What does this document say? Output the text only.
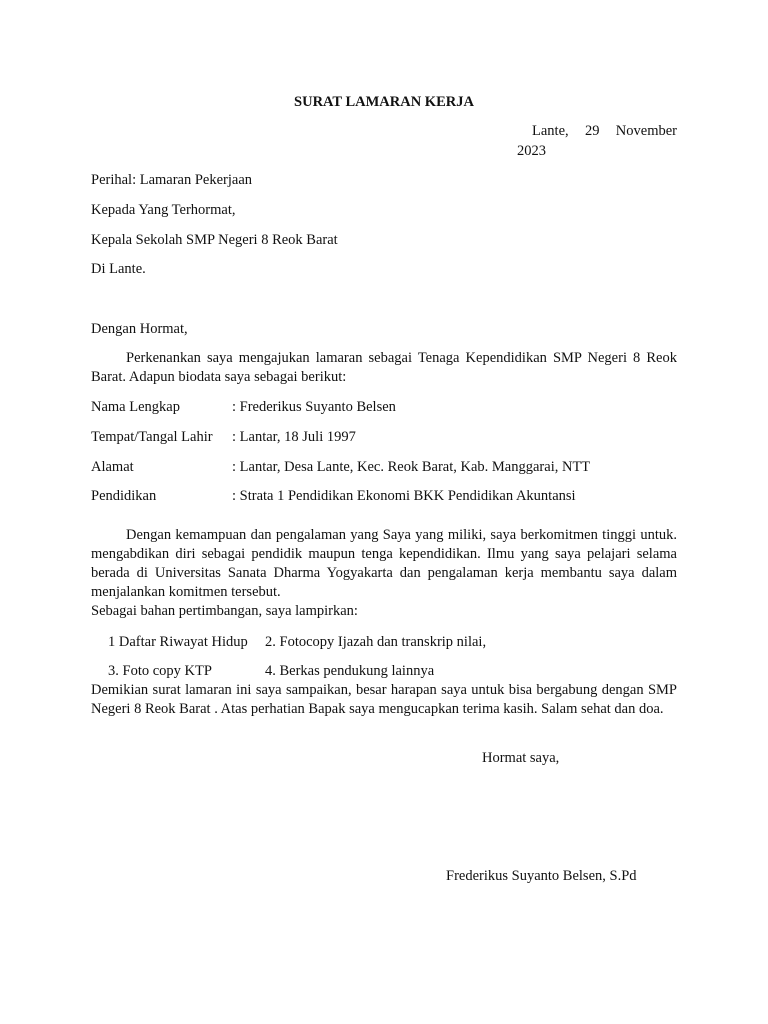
SURAT LAMARAN KERJA
Lante, 29 November
2023
Perihal: Lamaran Pekerjaan
Kepada Yang Terhormat,
Kepala Sekolah SMP Negeri 8 Reok Barat
Di Lante.
Dengan Hormat,
Perkenankan saya mengajukan lamaran sebagai Tenaga Kependidikan SMP Negeri 8 Reok Barat. Adapun biodata saya sebagai berikut:
Nama Lengkap	: Frederikus Suyanto Belsen
Tempat/Tangal Lahir : Lantar, 18 Juli 1997
Alamat	: Lantar, Desa Lante, Kec. Reok Barat, Kab. Manggarai, NTT
Pendidikan	: Strata 1 Pendidikan Ekonomi BKK Pendidikan Akuntansi
Dengan kemampuan dan pengalaman yang Saya yang miliki, saya berkomitmen tinggi untuk. mengabdikan diri sebagai pendidik maupun tenga kependidikan. Ilmu yang saya pelajari selama berada di Universitas Sanata Dharma Yogyakarta dan pengalaman kerja membantu saya dalam menjalankan komitmen tersebut.
Sebagai bahan pertimbangan, saya lampirkan:
1 Daftar Riwayat Hidup 2. Fotocopy Ijazah dan transkrip nilai,
3. Foto copy KTP	4. Berkas pendukung lainnya
Demikian surat lamaran ini saya sampaikan, besar harapan saya untuk bisa bergabung dengan SMP Negeri 8 Reok Barat . Atas perhatian Bapak saya mengucapkan terima kasih. Salam sehat dan doa.
Hormat saya,
Frederikus Suyanto Belsen, S.Pd
